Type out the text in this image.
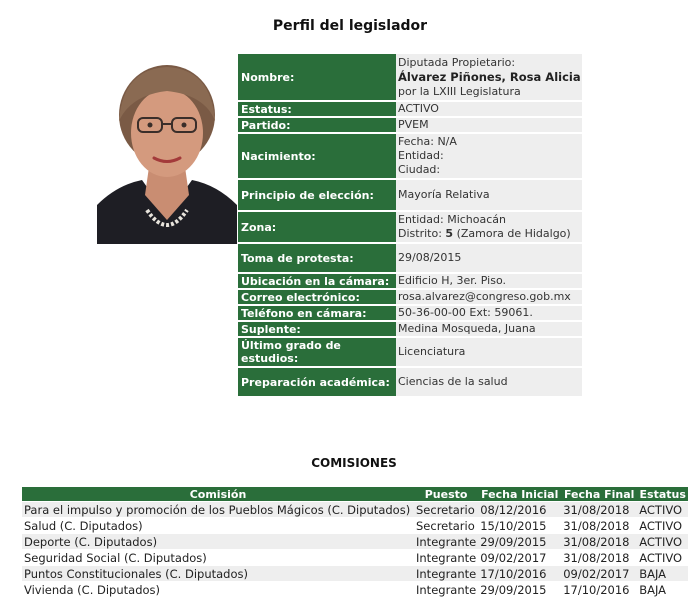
Perfil del legislador
Nombre:	Diputada Propietario:
Álvarez Piñones, Rosa Alicia
por la LXIII Legislatura

Estatus:	ACTIVO
Partido:	PVEM
Nacimiento:	Fecha: N/A
Entidad:
Ciudad:

Principio de elección:	Mayoría Relativa
Zona:	Entidad: Michoacán
Distrito: 5 (Zamora de Hidalgo)

Toma de protesta:	29/08/2015
Ubicación en la cámara:	Edificio H, 3er. Piso.
Correo electrónico:	rosa.alvarez@congreso.gob.mx
Teléfono en cámara:	50-36-00-00 Ext: 59061.
Suplente:	Medina Mosqueda, Juana
Último grado de estudios:	Licenciatura
Preparación académica:	Ciencias de la salud
COMISIONES
Comisión	Puesto	Fecha Inicial	Fecha Final	Estatus
Para el impulso y promoción de los Pueblos Mágicos (C. Diputados)	Secretario	08/12/2016	31/08/2018	ACTIVO
Salud (C. Diputados)	Secretario	15/10/2015	31/08/2018	ACTIVO
Deporte (C. Diputados)	Integrante	29/09/2015	31/08/2018	ACTIVO
Seguridad Social (C. Diputados)	Integrante	09/02/2017	31/08/2018	ACTIVO
Puntos Constitucionales (C. Diputados)	Integrante	17/10/2016	09/02/2017	BAJA
Vivienda (C. Diputados)	Integrante	29/09/2015	17/10/2016	BAJA
